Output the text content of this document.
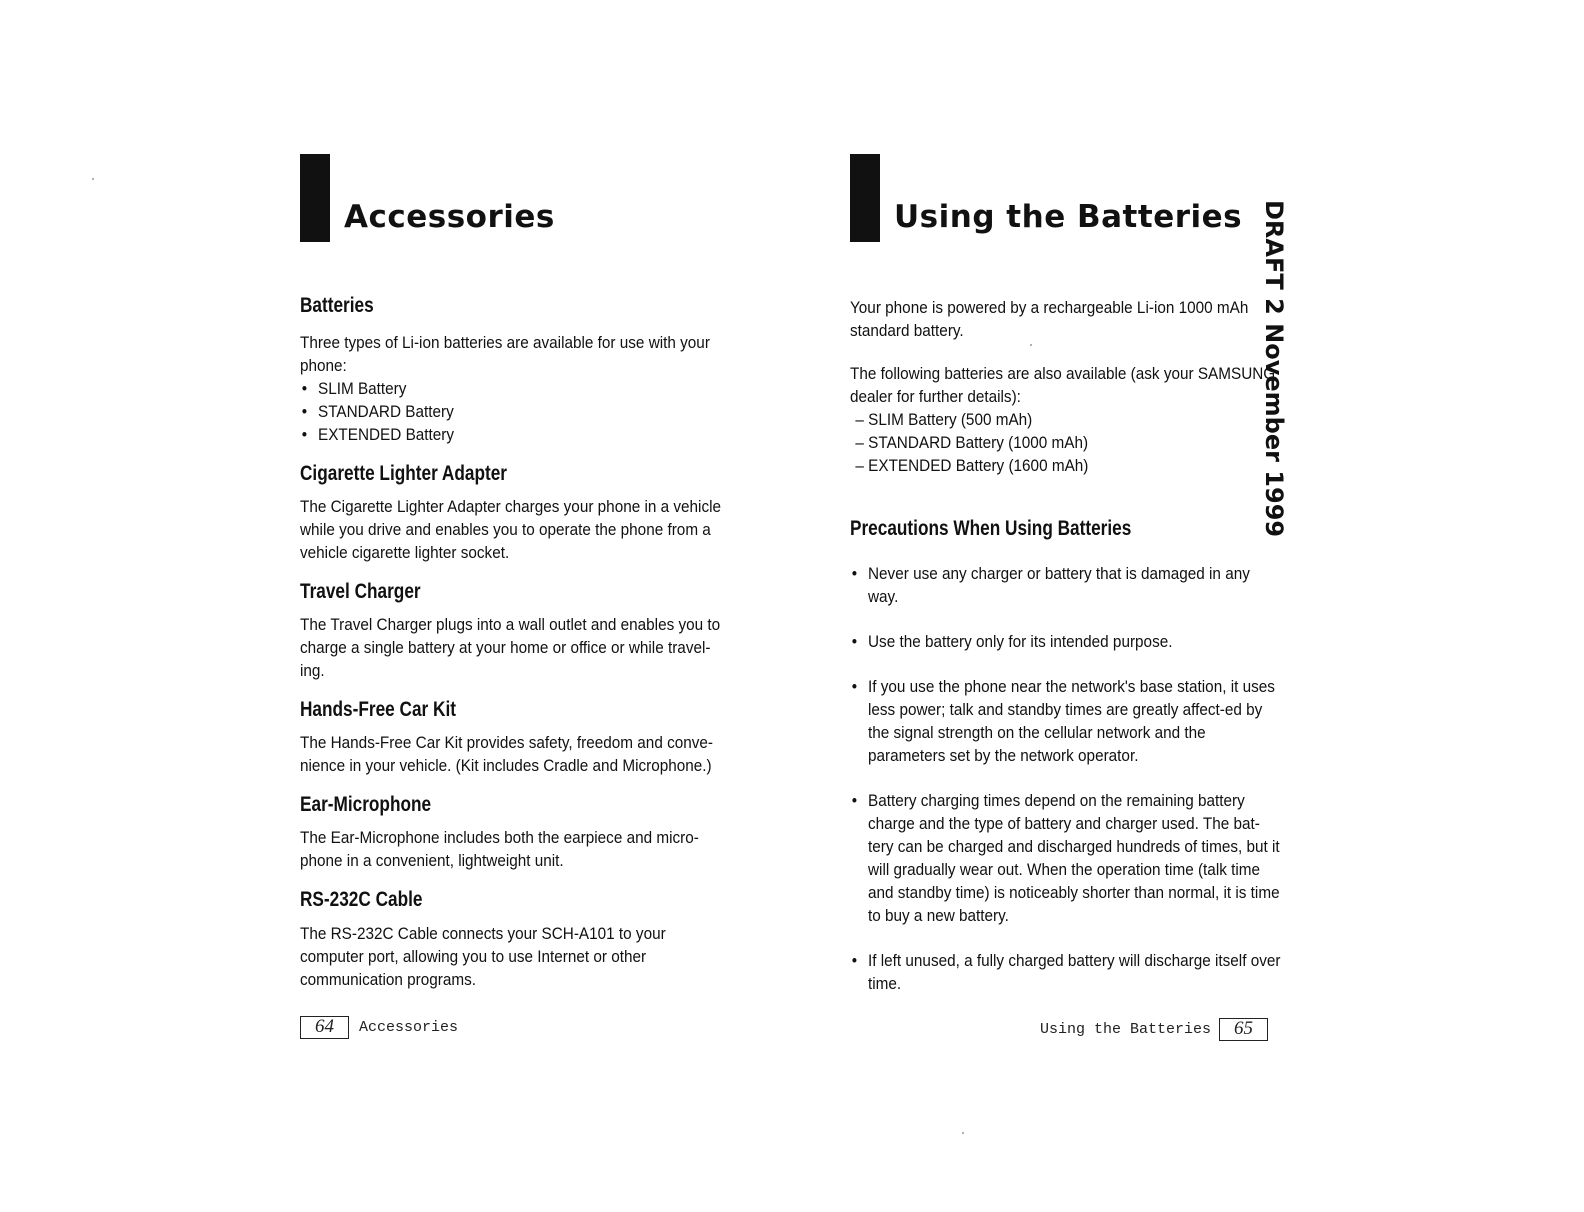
Accessories
Batteries

Three types of Li-ion batteries are available for use with your phone:

• SLIM Battery
• STANDARD Battery
• EXTENDED Battery
Cigarette Lighter Adapter

The Cigarette Lighter Adapter charges your phone in a vehicle while you drive and enables you to operate the phone from a vehicle cigarette lighter socket.

Travel Charger

The Travel Charger plugs into a wall outlet and enables you to charge a single battery at your home or office or while travel-ing.

Hands-Free Car Kit

The Hands-Free Car Kit provides safety, freedom and conve-nience in your vehicle. (Kit includes Cradle and Microphone.)

Ear-Microphone

The Ear-Microphone includes both the earpiece and micro-phone in a convenient, lightweight unit.

RS-232C Cable

The RS-232C Cable connects your SCH-A101 to your computer port, allowing you to use Internet or other communication programs.

64	Accessories
Using the Batteries

Your phone is powered by a rechargeable Li-ion 1000 mAh standard battery.

The following batteries are also available (ask your SAMSUNG dealer for further details):

– SLIM Battery (500 mAh)
– STANDARD Battery (1000 mAh)
– EXTENDED Battery (1600 mAh)
Precautions When Using Batteries
• Never use any charger or battery that is damaged in any way.
• Use the battery only for its intended purpose.
• If you use the phone near the network's base station, it uses less power; talk and standby times are greatly affect-ed by the signal strength on the cellular network and the parameters set by the network operator.
• Battery charging times depend on the remaining battery charge and the type of battery and charger used. The bat-tery can be charged and discharged hundreds of times, but it will gradually wear out. When the operation time (talk time and standby time) is noticeably shorter than normal, it is time to buy a new battery.
• If left unused, a fully charged battery will discharge itself over time.
Using the Batteries	65
DRAFT 2 November 1999
